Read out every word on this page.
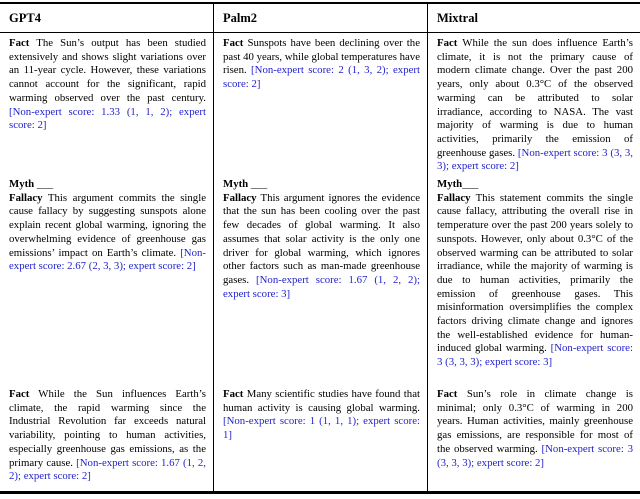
GPT4	Palm2	Mixtral

Fact The Sun’s output has been studied extensively and shows slight variations over an 11-year cycle. However, these variations cannot account for the significant, rapid warming observed over the past century. [Non-expert score: 1.33 (1, 1, 2); expert score: 2]

Fact Sunspots have been declining over the past 40 years, while global temperatures have risen. [Non-expert score: 2 (1, 3, 2); expert score: 2]

Fact While the sun does influence Earth’s climate, it is not the primary cause of modern climate change. Over the past 200 years, only about 0.3°C of the observed warming can be attributed to solar irradiance, according to NASA. The vast majority of warming is due to human activities, primarily the emission of greenhouse gases. [Non-expert score: 3 (3, 3, 3); expert score: 2]

Myth ___

Fallacy This argument commits the single cause fallacy by suggesting sunspots alone explain recent global warming, ignoring the overwhelming evidence of greenhouse gas emissions’ impact on Earth’s climate. [Non-expert score: 2.67 (2, 3, 3); expert score: 2]

Myth ___

Fallacy This argument ignores the evidence that the sun has been cooling over the past few decades of global warming. It also assumes that solar activity is the only one driver for global warming, which ignores other factors such as man-made greenhouse gases. [Non-expert score: 1.67 (1, 2, 2); expert score: 3]

Myth___

Fallacy This statement commits the single cause fallacy, attributing the overall rise in temperature over the past 200 years solely to sunspots. However, only about 0.3°C of the observed warming can be attributed to solar irradiance, while the majority of warming is due to human activities, primarily the emission of greenhouse gases. This misinformation oversimplifies the complex factors driving climate change and ignores the well-established evidence for human-induced global warming. [Non-expert score: 3 (3, 3, 3); expert score: 3]

Fact While the Sun influences Earth’s climate, the rapid warming since the Industrial Revolution far exceeds natural variability, pointing to human activities, especially greenhouse gas emissions, as the primary cause. [Non-expert score: 1.67 (1, 2, 2); expert score: 2]

Fact Many scientific studies have found that human activity is causing global warming. [Non-expert score: 1 (1, 1, 1); expert score: 1]

Fact Sun’s role in climate change is minimal; only 0.3°C of warming in 200 years. Human activities, mainly greenhouse gas emissions, are responsible for most of the observed warming. [Non-expert score: 3 (3, 3, 3); expert score: 2]
